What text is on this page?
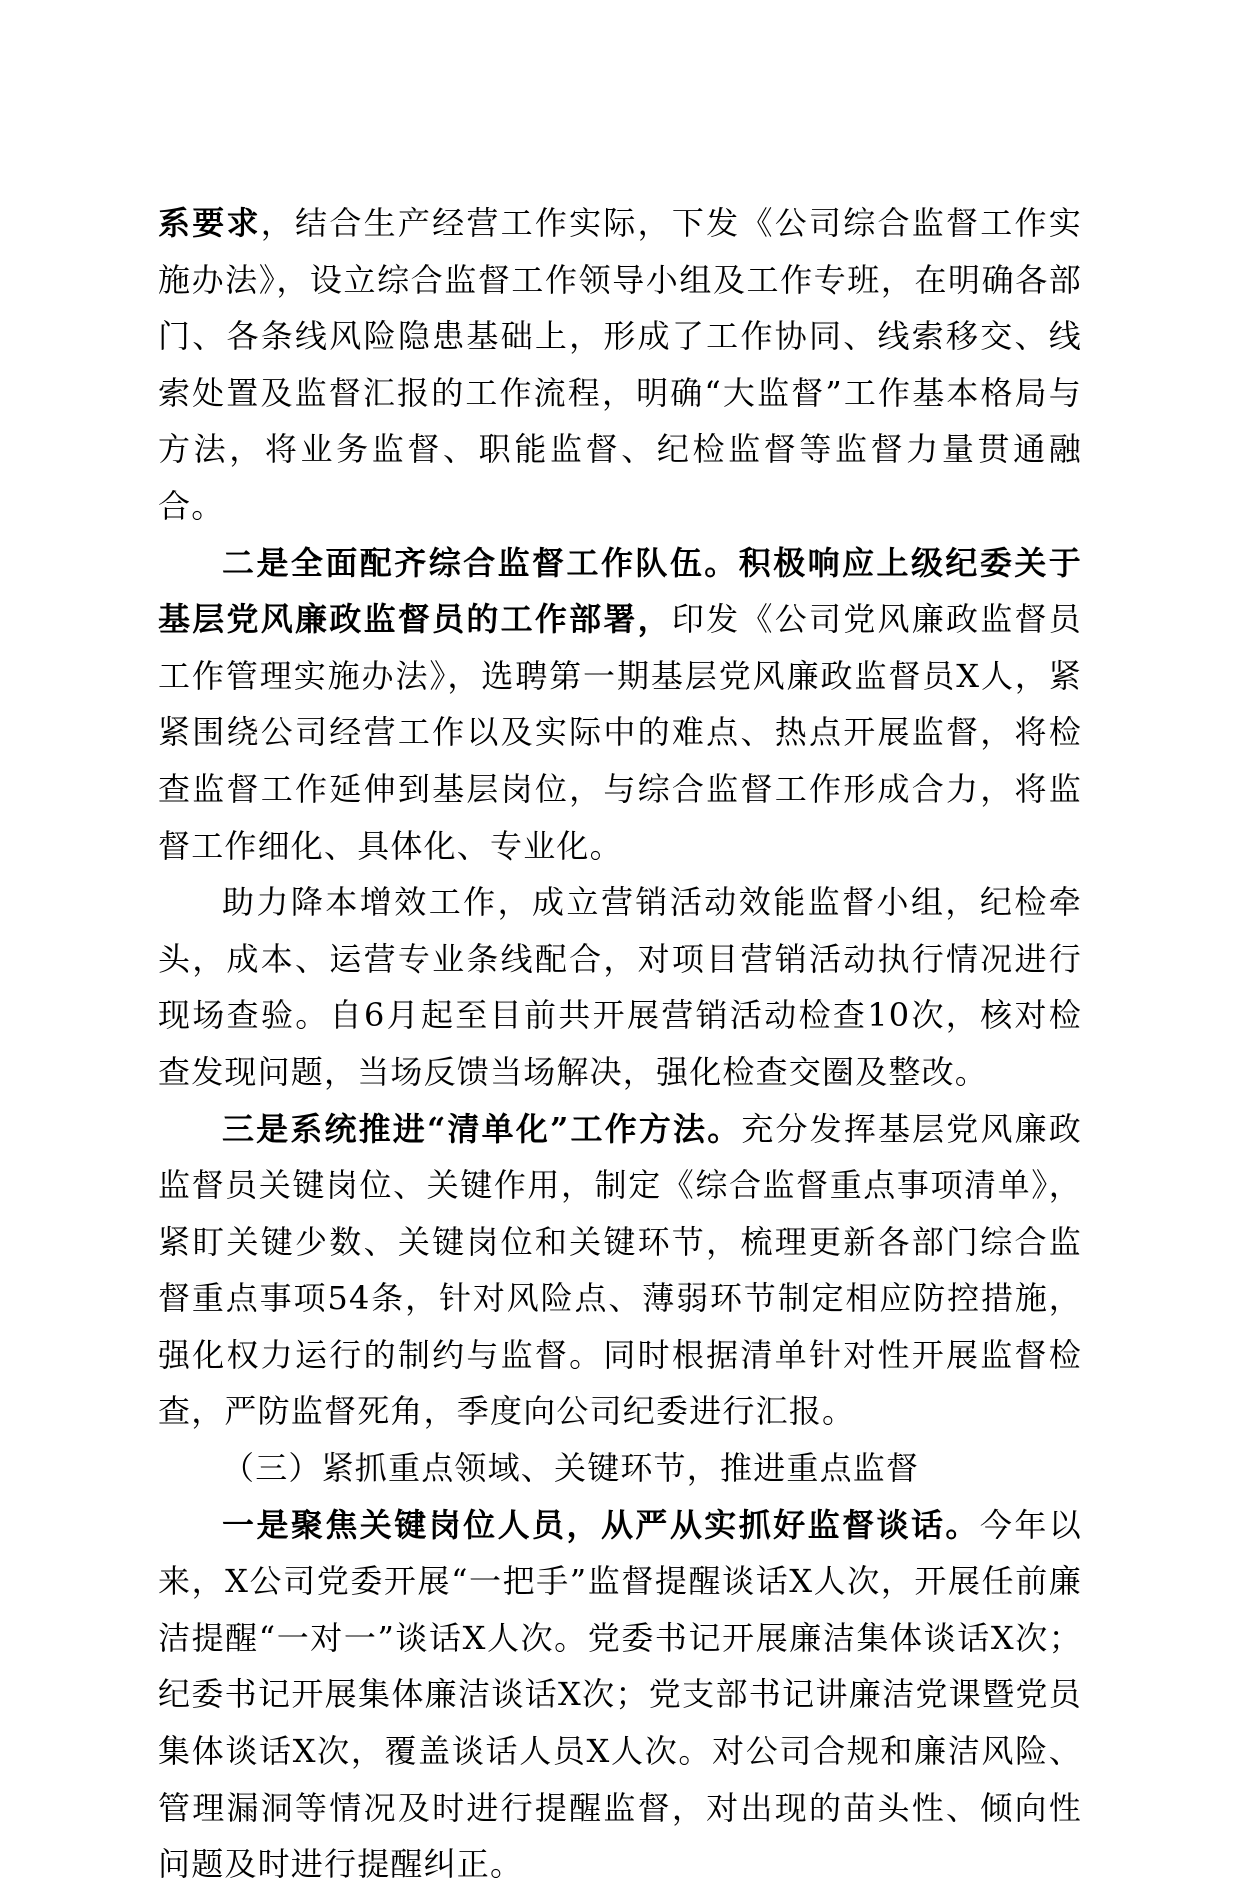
系要求，结合生产经营工作实际，下发《公司综合监督工作实施办法》，设立综合监督工作领导小组及工作专班，在明确各部门、各条线风险隐患基础上，形成了工作协同、线索移交、线索处置及监督汇报的工作流程，明确“大监督”工作基本格局与方法，将业务监督、职能监督、纪检监督等监督力量贯通融合。

二是全面配齐综合监督工作队伍。积极响应上级纪委关于基层党风廉政监督员的工作部署，印发《公司党风廉政监督员工作管理实施办法》，选聘第一期基层党风廉政监督员X人，紧紧围绕公司经营工作以及实际中的难点、热点开展监督，将检查监督工作延伸到基层岗位，与综合监督工作形成合力，将监督工作细化、具体化、专业化。

助力降本增效工作，成立营销活动效能监督小组，纪检牵头，成本、运营专业条线配合，对项目营销活动执行情况进行现场查验。自6月起至目前共开展营销活动检查10次，核对检查发现问题，当场反馈当场解决，强化检查交圈及整改。

三是系统推进“清单化”工作方法。充分发挥基层党风廉政监督员关键岗位、关键作用，制定《综合监督重点事项清单》，紧盯关键少数、关键岗位和关键环节，梳理更新各部门综合监督重点事项54条，针对风险点、薄弱环节制定相应防控措施，强化权力运行的制约与监督。同时根据清单针对性开展监督检查，严防监督死角，季度向公司纪委进行汇报。

（三）紧抓重点领域、关键环节，推进重点监督

一是聚焦关键岗位人员，从严从实抓好监督谈话。今年以来，X公司党委开展“一把手”监督提醒谈话X人次，开展任前廉洁提醒“一对一”谈话X人次。党委书记开展廉洁集体谈话X次；纪委书记开展集体廉洁谈话X次；党支部书记讲廉洁党课暨党员集体谈话X次，覆盖谈话人员X人次。对公司合规和廉洁风险、管理漏洞等情况及时进行提醒监督，对出现的苗头性、倾向性问题及时进行提醒纠正。
